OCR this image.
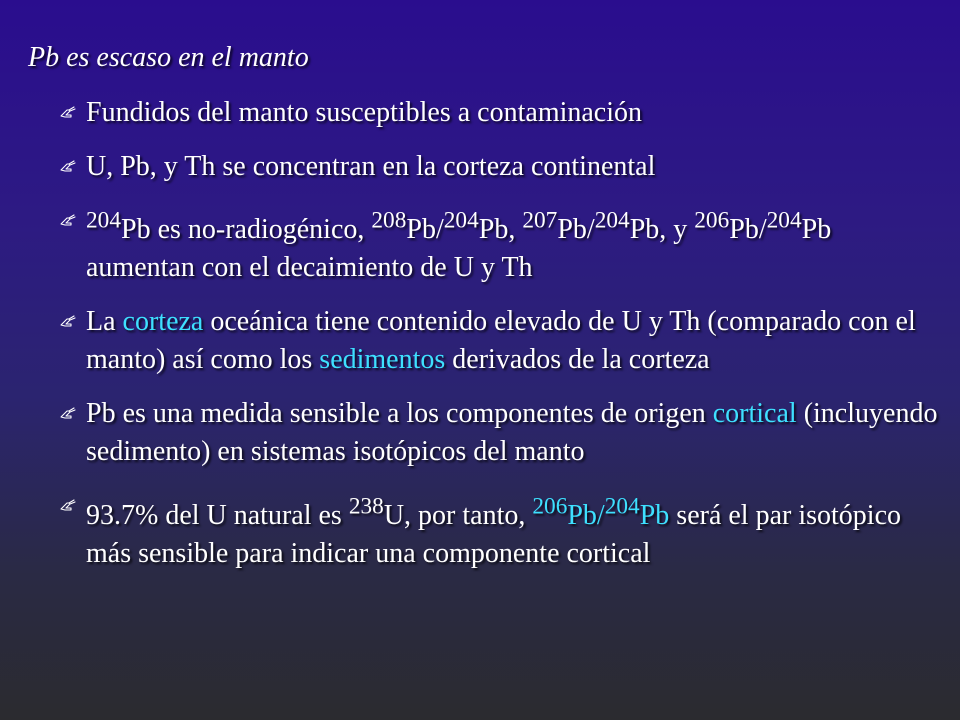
Pb es escaso en el manto
Fundidos del manto susceptibles a contaminación
U, Pb, y Th se concentran en la corteza continental
$^{204}$Pb es no-radiogénico, $^{208}$Pb/$^{204}$Pb, $^{207}$Pb/$^{204}$Pb, y $^{206}$Pb/$^{204}$Pb aumentan con el decaimiento de U y Th
La corteza oceánica tiene contenido elevado de U y Th (comparado con el manto) así como los sedimentos derivados de la corteza
Pb es una medida sensible a los componentes de origen cortical (incluyendo sedimento) en sistemas isotópicos del manto
93.7% del U natural es $^{238}$U, por tanto, $^{206}$Pb/$^{204}$Pb será el par isotópico más sensible para indicar una componente cortical
